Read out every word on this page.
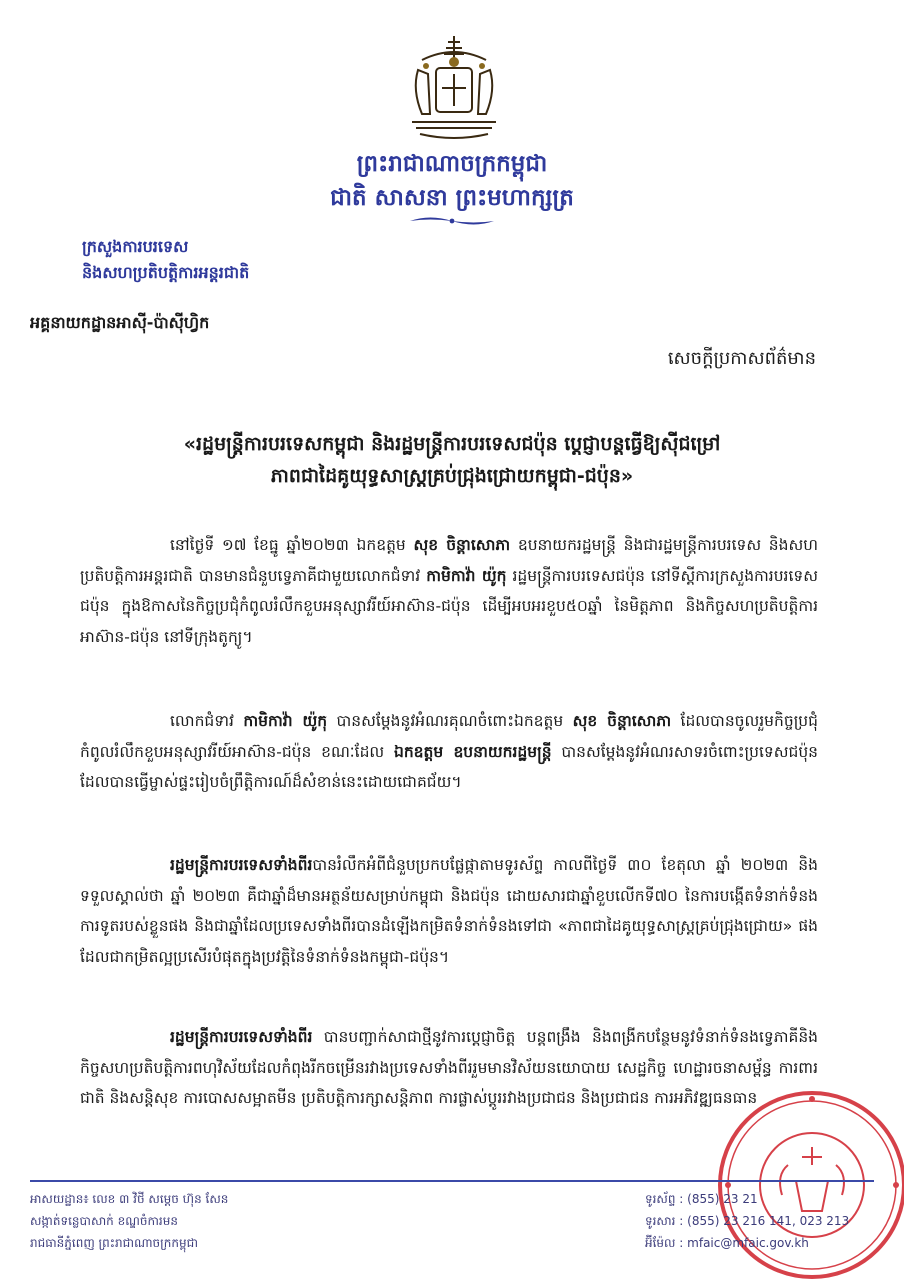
ព្រះរាជាណាចក្រកម្ពុជា
ជាតិ សាសនា ព្រះមហាក្សត្រ
ក្រសួងការបរទេស
និងសហប្រតិបត្តិការអន្តរជាតិ
អគ្គនាយកដ្ឋានអាស៊ី-ប៉ាស៊ីហ្វិក
សេចក្តីប្រកាសព័ត៌មាន
«រដ្ឋមន្ត្រីការបរទេសកម្ពុជា និងរដ្ឋមន្ត្រីការបរទេសជប៉ុន ប្ដេជ្ញាបន្តធ្វើឱ្យស៊ីជម្រៅ
ភាពជាដៃគូយុទ្ធសាស្ត្រគ្រប់ជ្រុងជ្រោយកម្ពុជា-ជប៉ុន»
នៅថ្ងៃទី ១៧ ខែធ្នូ ឆ្នាំ២០២៣ ឯកឧត្តម សុខ ចិន្ដាសោភា ឧបនាយករដ្ឋមន្ត្រី និងជារដ្ឋមន្ត្រីការបរទេស និងសហប្រតិបត្តិការអន្តរជាតិ បានមានជំនួបទ្វេភាគីជាមួយលោកជំទាវ កាមិកាវ៉ា យ៉ូកុ រដ្ឋមន្ត្រីការបរទេសជប៉ុន នៅទីស្ដីការក្រសួងការបរទេសជប៉ុន ក្នុងឱកាសនៃកិច្ចប្រជុំកំពូលរំលឹកខួបអនុស្សាវរីយ៍អាស៊ាន-ជប៉ុន ដើម្បីអបអរខួប៥០ឆ្នាំ នៃមិត្តភាព និងកិច្ចសហប្រតិបត្តិការអាស៊ាន-ជប៉ុន នៅទីក្រុងតូក្យូ។
លោកជំទាវ កាមិកាវ៉ា យ៉ូកុ បានសម្ដែងនូវអំណរគុណចំពោះឯកឧត្តម សុខ ចិន្ដាសោភា ដែលបានចូលរួមកិច្ចប្រជុំកំពូលរំលឹកខួបអនុស្សាវរីយ៍អាស៊ាន-ជប៉ុន ខណៈដែល ឯកឧត្តម ឧបនាយករដ្ឋមន្ត្រី បានសម្ដែងនូវអំណរសាទរចំពោះប្រទេសជប៉ុន ដែលបានធ្វើម្ចាស់ផ្ទះរៀបចំព្រឹត្តិការណ៍ដ៏សំខាន់នេះដោយជោគជ័យ។
រដ្ឋមន្ត្រីការបរទេសទាំងពីរបានរំលឹកអំពីជំនួបប្រកបផ្លែផ្កាតាមទូរស័ព្ទ កាលពីថ្ងៃទី ៣០ ខែតុលា ឆ្នាំ ២០២៣ និងទទួលស្គាល់ថា ឆ្នាំ ២០២៣ គឺជាឆ្នាំដ៏មានអត្ថន័យសម្រាប់កម្ពុជា និងជប៉ុន ដោយសារជាឆ្នាំខួបលើកទី៧០ នៃការបង្កើតទំនាក់ទំនងការទូតរបស់ខ្លួនផង និងជាឆ្នាំដែលប្រទេសទាំងពីរបានដំឡើងកម្រិតទំនាក់ទំនងទៅជា «ភាពជាដៃគូយុទ្ធសាស្ត្រគ្រប់ជ្រុងជ្រោយ» ផង ដែលជាកម្រិតល្អប្រសើរបំផុតក្នុងប្រវត្តិនៃទំនាក់ទំនងកម្ពុជា-ជប៉ុន។
រដ្ឋមន្ត្រីការបរទេសទាំងពីរ បានបញ្ជាក់សាជាថ្មីនូវការប្ដេជ្ញាចិត្ត បន្តពង្រឹង និងពង្រីកបន្ថែមនូវទំនាក់ទំនងទ្វេភាគីនិងកិច្ចសហប្រតិបត្តិការពហុវិស័យដែលកំពុងរីកចម្រើនរវាងប្រទេសទាំងពីររួមមានវិស័យនយោបាយ សេដ្ឋកិច្ច ហេដ្ឋារចនាសម្ព័ន្ធ ការពារជាតិ និងសន្តិសុខ ការបោសសម្អាតមីន ប្រតិបត្តិការក្សាសន្តិភាព ការផ្លាស់ប្ដូររវាងប្រជាជន និងប្រជាជន ការអភិវឌ្ឍធនធាន
អាសយដ្ឋាន៖ លេខ ៣ វិថី សម្ដេច ហ៊ុន សែន
សង្កាត់ទន្លេបាសាក់ ខណ្ឌចំការមន
រាជធានីភ្នំពេញ ព្រះរាជាណាចក្រកម្ពុជា
ទូរស័ព្ទ : (855) 23 21
ទូរសារ : (855) 23 216 141, 023 213
អ៊ីម៉ែល : mfaic@mfaic.gov.kh
